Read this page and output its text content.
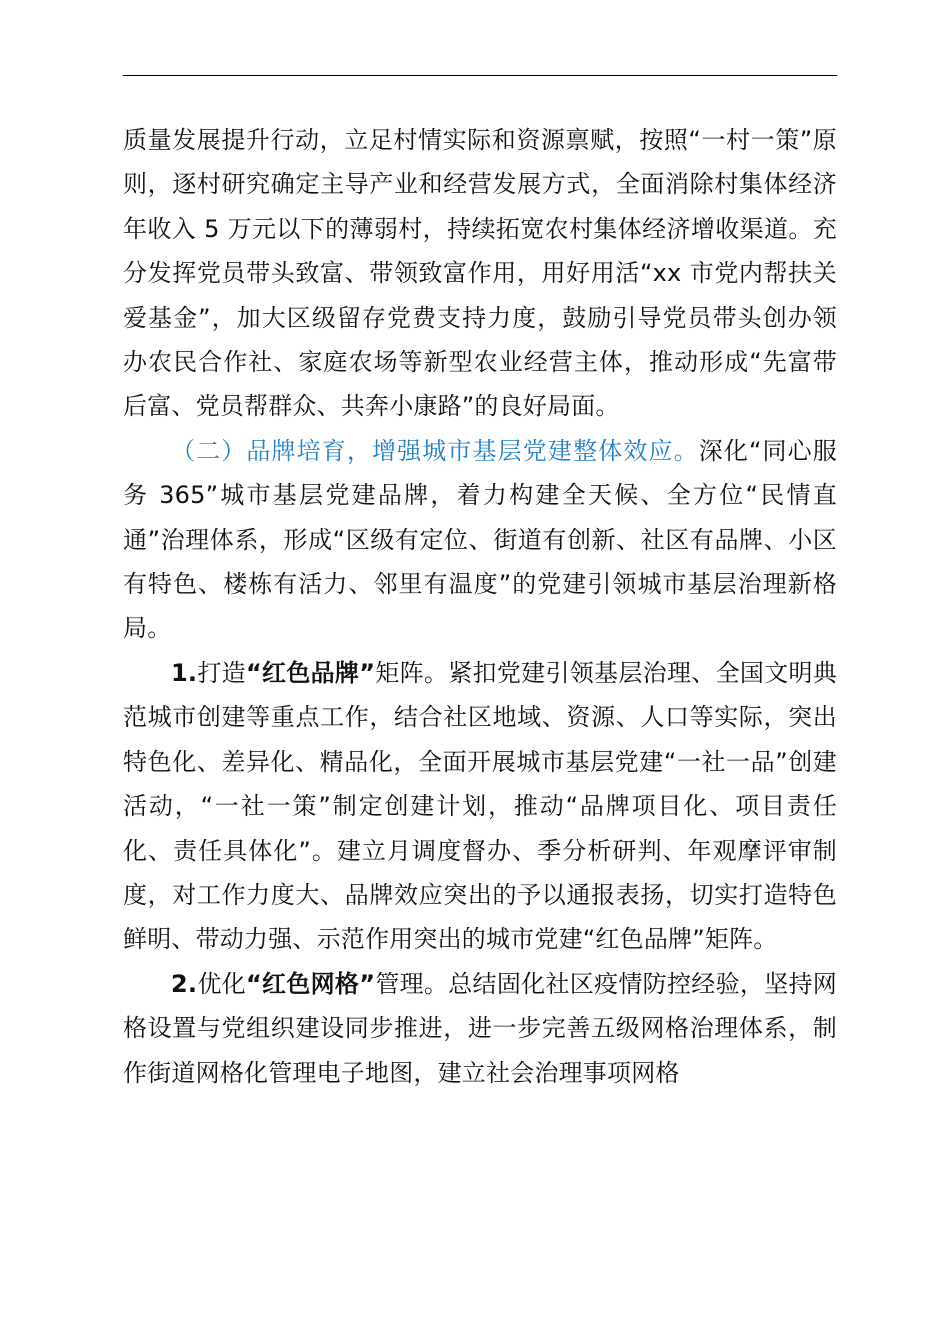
质量发展提升行动，立足村情实际和资源禀赋，按照“一村一策”原则，逐村研究确定主导产业和经营发展方式，全面消除村集体经济年收入 5 万元以下的薄弱村，持续拓宽农村集体经济增收渠道。充分发挥党员带头致富、带领致富作用，用好用活“xx 市党内帮扶关爱基金”，加大区级留存党费支持力度，鼓励引导党员带头创办领办农民合作社、家庭农场等新型农业经营主体，推动形成“先富带后富、党员帮群众、共奔小康路”的良好局面。

（二）品牌培育，增强城市基层党建整体效应。深化“同心服务 365”城市基层党建品牌，着力构建全天候、全方位“民情直通”治理体系，形成“区级有定位、街道有创新、社区有品牌、小区有特色、楼栋有活力、邻里有温度”的党建引领城市基层治理新格局。

1.打造“红色品牌”矩阵。紧扣党建引领基层治理、全国文明典范城市创建等重点工作，结合社区地域、资源、人口等实际，突出特色化、差异化、精品化，全面开展城市基层党建“一社一品”创建活动，“一社一策”制定创建计划，推动“品牌项目化、项目责任化、责任具体化”。建立月调度督办、季分析研判、年观摩评审制度，对工作力度大、品牌效应突出的予以通报表扬，切实打造特色鲜明、带动力强、示范作用突出的城市党建“红色品牌”矩阵。

2.优化“红色网格”管理。总结固化社区疫情防控经验，坚持网格设置与党组织建设同步推进，进一步完善五级网格治理体系，制作街道网格化管理电子地图，建立社会治理事项网格
